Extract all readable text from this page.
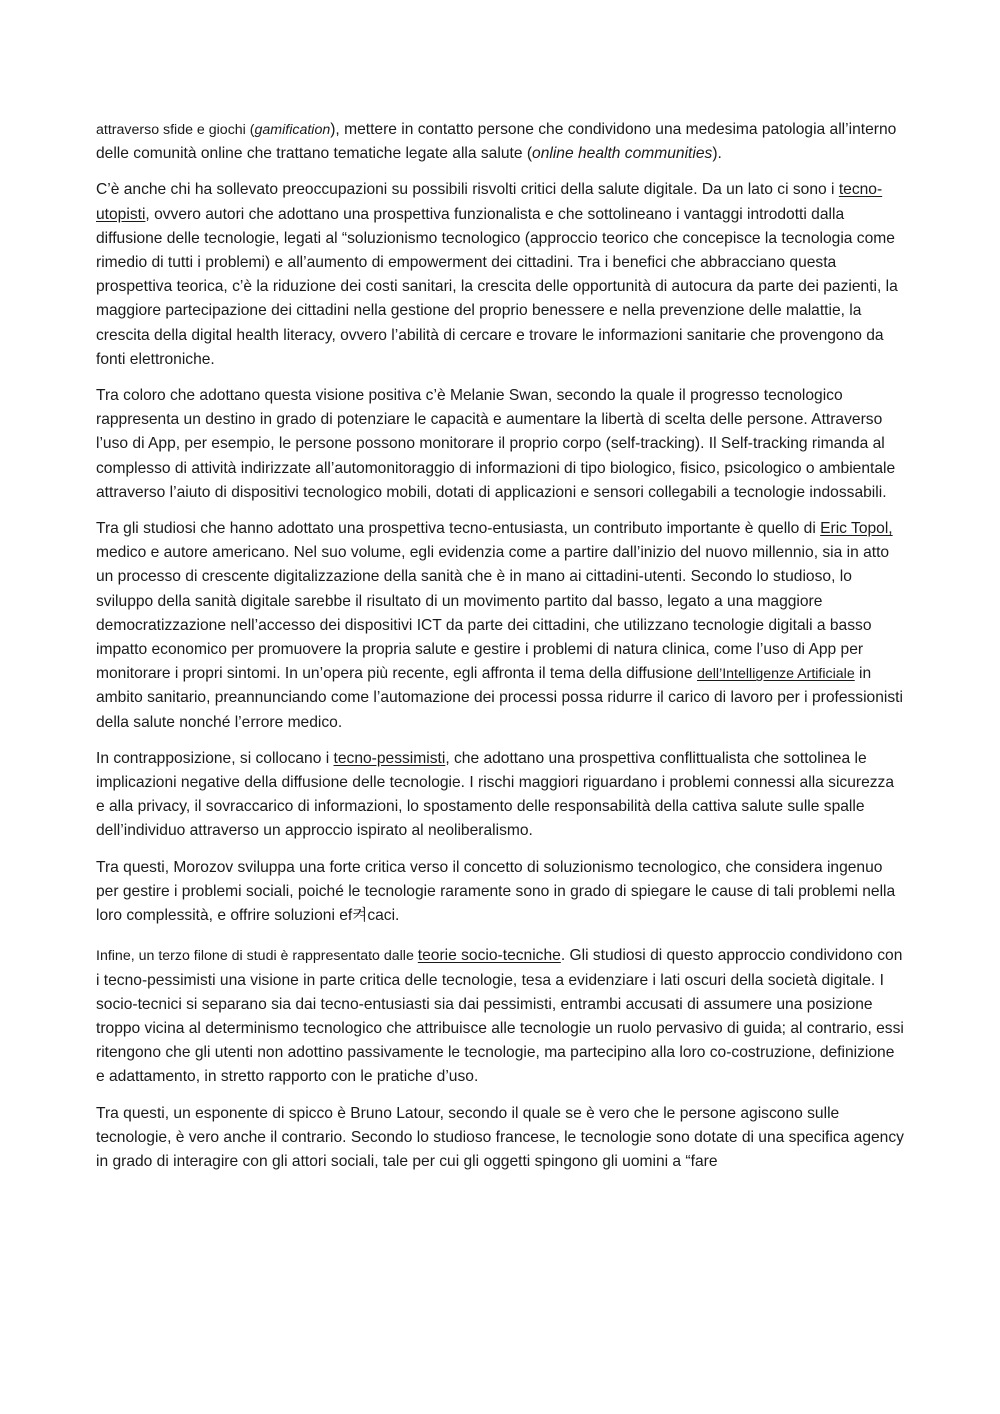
attraverso sfide e giochi (gamification), mettere in contatto persone che condividono una medesima patologia all’interno delle comunità online che trattano tematiche legate alla salute (online health communities).

C’è anche chi ha sollevato preoccupazioni su possibili risvolti critici della salute digitale. Da un lato ci sono i tecno-utopisti, ovvero autori che adottano una prospettiva funzionalista e che sottolineano i vantaggi introdotti dalla diffusione delle tecnologie, legati al “soluzionismo tecnologico (approccio teorico che concepisce la tecnologia come rimedio di tutti i problemi) e all’aumento di empowerment dei cittadini. Tra i benefici che abbracciano questa prospettiva teorica, c’è la riduzione dei costi sanitari, la crescita delle opportunità di autocura da parte dei pazienti, la maggiore partecipazione dei cittadini nella gestione del proprio benessere e nella prevenzione delle malattie, la crescita della digital health literacy, ovvero l’abilità di cercare e trovare le informazioni sanitarie che provengono da fonti elettroniche.

Tra coloro che adottano questa visione positiva c’è Melanie Swan, secondo la quale il progresso tecnologico rappresenta un destino in grado di potenziare le capacità e aumentare la libertà di scelta delle persone. Attraverso l’uso di App, per esempio, le persone possono monitorare il proprio corpo (self-tracking). Il Self-tracking rimanda al complesso di attività indirizzate all’automonitoraggio di informazioni di tipo biologico, fisico, psicologico o ambientale attraverso l’aiuto di dispositivi tecnologico mobili, dotati di applicazioni e sensori collegabili a tecnologie indossabili.

Tra gli studiosi che hanno adottato una prospettiva tecno-entusiasta, un contributo importante è quello di Eric Topol, medico e autore americano. Nel suo volume, egli evidenzia come a partire dall’inizio del nuovo millennio, sia in atto un processo di crescente digitalizzazione della sanità che è in mano ai cittadini-utenti. Secondo lo studioso, lo sviluppo della sanità digitale sarebbe il risultato di un movimento partito dal basso, legato a una maggiore democratizzazione nell’accesso dei dispositivi ICT da parte dei cittadini, che utilizzano tecnologie digitali a basso impatto economico per promuovere la propria salute e gestire i problemi di natura clinica, come l’uso di App per monitorare i propri sintomi. In un’opera più recente, egli affronta il tema della diffusione dell’Intelligenze Artificiale in ambito sanitario, preannunciando come l’automazione dei processi possa ridurre il carico di lavoro per i professionisti della salute nonché l’errore medico.

In contrapposizione, si collocano i tecno-pessimisti, che adottano una prospettiva conflittualista che sottolinea le implicazioni negative della diffusione delle tecnologie. I rischi maggiori riguardano i problemi connessi alla sicurezza e alla privacy, il sovraccarico di informazioni, lo spostamento delle responsabilità della cattiva salute sulle spalle dell’individuo attraverso un approccio ispirato al neoliberalismo.

Tra questi, Morozov sviluppa una forte critica verso il concetto di soluzionismo tecnologico, che considera ingenuo per gestire i problemi sociali, poiché le tecnologie raramente sono in grado di spiegare le cause di tali problemi nella loro complessità, e offrire soluzioni ef켜caci.

Infine, un terzo filone di studi è rappresentato dalle teorie socio-tecniche. Gli studiosi di questo approccio condividono con i tecno-pessimisti una visione in parte critica delle tecnologie, tesa a evidenziare i lati oscuri della società digitale. I socio-tecnici si separano sia dai tecno-entusiasti sia dai pessimisti, entrambi accusati di assumere una posizione troppo vicina al determinismo tecnologico che attribuisce alle tecnologie un ruolo pervasivo di guida; al contrario, essi ritengono che gli utenti non adottino passivamente le tecnologie, ma partecipino alla loro co-costruzione, definizione e adattamento, in stretto rapporto con le pratiche d’uso.

Tra questi, un esponente di spicco è Bruno Latour, secondo il quale se è vero che le persone agiscono sulle tecnologie, è vero anche il contrario. Secondo lo studioso francese, le tecnologie sono dotate di una specifica agency in grado di interagire con gli attori sociali, tale per cui gli oggetti spingono gli uomini a “fare
